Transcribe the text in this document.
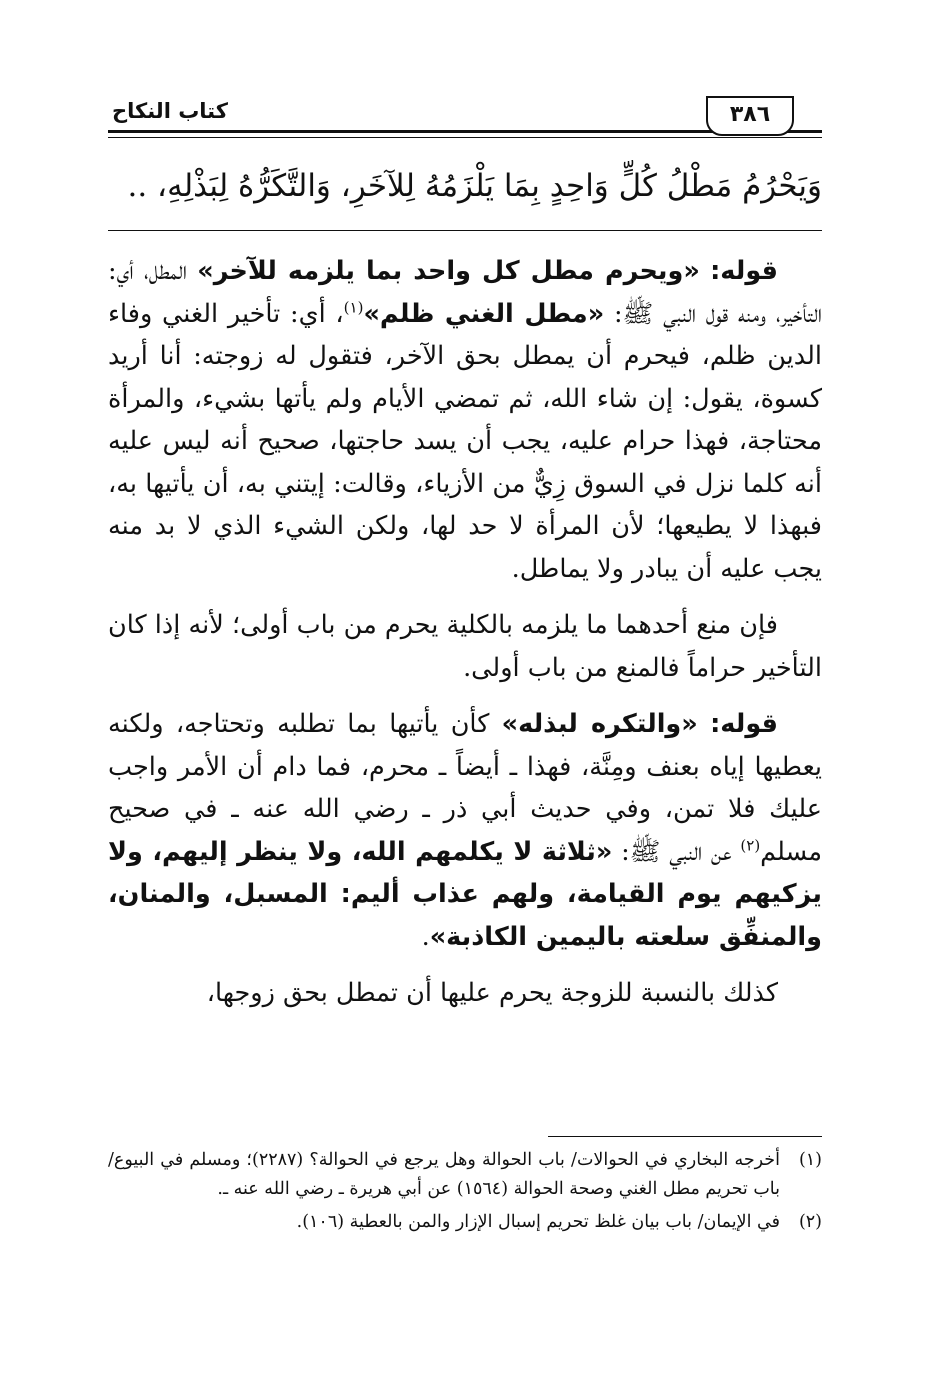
كتاب النكاح	٣٨٦
وَيَحْرُمُ مَطْلُ كُلٍّ وَاحِدٍ بِمَا يَلْزَمُهُ لِلآخَرِ، وَالتَّكَرُّهُ لِبَذْلِهِ، ..

قوله: «ويحرم مطل كل واحد بما يلزمه للآخر» المطل، أي: التأخير، ومنه قول النبي ﷺ: «مطل الغني ظلم»$^{(١)}$، أي: تأخير الغني وفاء الدين ظلم، فيحرم أن يمطل بحق الآخر، فتقول له زوجته: أنا أريد كسوة، يقول: إن شاء الله، ثم تمضي الأيام ولم يأتها بشيء، والمرأة محتاجة، فهذا حرام عليه، يجب أن يسد حاجتها، صحيح أنه ليس عليه أنه كلما نزل في السوق زِيٌّ من الأزياء، وقالت: إيتني به، أن يأتيها به، فبهذا لا يطيعها؛ لأن المرأة لا حد لها، ولكن الشيء الذي لا بد منه يجب عليه أن يبادر ولا يماطل.

فإن منع أحدهما ما يلزمه بالكلية يحرم من باب أولى؛ لأنه إذا كان التأخير حراماً فالمنع من باب أولى.

قوله: «والتكره لبذله» كأن يأتيها بما تطلبه وتحتاجه، ولكنه يعطيها إياه بعنف ومِنَّة، فهذا ـ أيضاً ـ محرم، فما دام أن الأمر واجب عليك فلا تمن، وفي حديث أبي ذر ـ رضي الله عنه ـ في صحيح مسلم$^{(٢)}$ عن النبي ﷺ: «ثلاثة لا يكلمهم الله، ولا ينظر إليهم، ولا يزكيهم يوم القيامة، ولهم عذاب أليم: المسبل، والمنان، والمنفِّق سلعته باليمين الكاذبة».

كذلك بالنسبة للزوجة يحرم عليها أن تمطل بحق زوجها،

(١)
أخرجه البخاري في الحوالات/ باب الحوالة وهل يرجع في الحوالة؟ (٢٢٨٧)؛ ومسلم في البيوع/ باب تحريم مطل الغني وصحة الحوالة (١٥٦٤) عن أبي هريرة ـ رضي الله عنه ـ.
(٢)
في الإيمان/ باب بيان غلظ تحريم إسبال الإزار والمن بالعطية (١٠٦).
